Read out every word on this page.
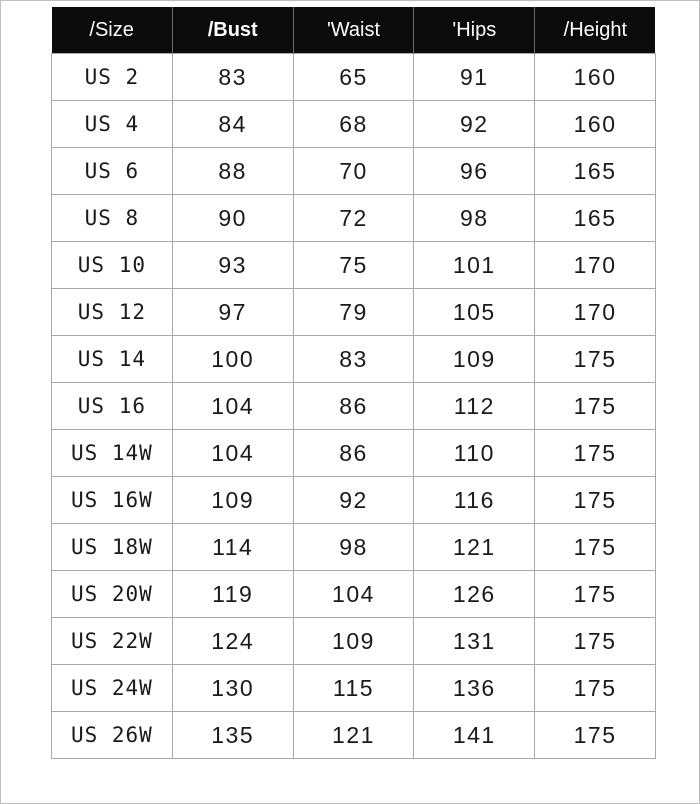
/Size	/Bust	'Waist	'Hips	/Height
US 2	83	65	91	160
US 4	84	68	92	160
US 6	88	70	96	165
US 8	90	72	98	165
US 10	93	75	101	170
US 12	97	79	105	170
US 14	100	83	109	175
US 16	104	86	112	175
US 14W	104	86	110	175
US 16W	109	92	116	175
US 18W	114	98	121	175
US 20W	119	104	126	175
US 22W	124	109	131	175
US 24W	130	115	136	175
US 26W	135	121	141	175
